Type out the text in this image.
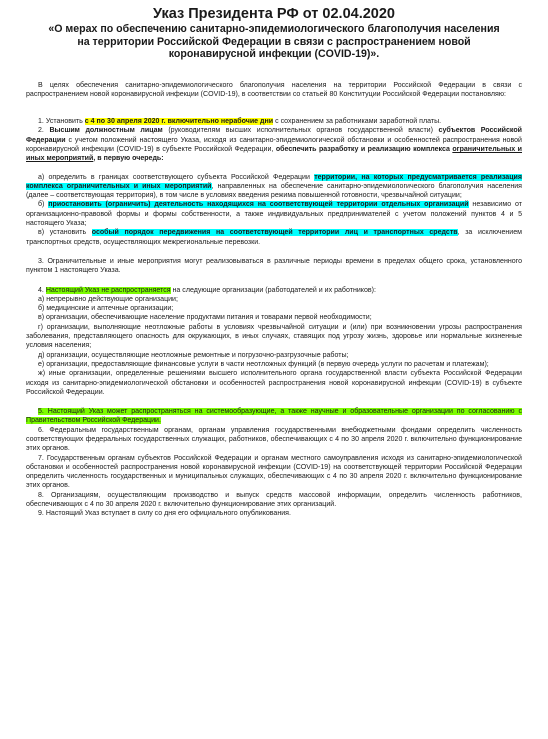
Указ Президента РФ от 02.04.2020

«О мерах по обеспечению санитарно-эпидемиологического благополучия населения на территории Российской Федерации в связи с распространением новой коронавирусной инфекции (COVID-19)».

В целях обеспечения санитарно-эпидемиологического благополучия населения на территории Российской Федерации в связи с распространением новой коронавирусной инфекции (COVID-19), в соответствии со статьей 80 Конституции Российской Федерации постановляю:

1. Установить с 4 по 30 апреля 2020 г. включительно нерабочие дни с сохранением за работниками заработной платы.

2. Высшим должностным лицам (руководителям высших исполнительных органов государственной власти) субъектов Российской Федерации с учетом положений настоящего Указа, исходя из санитарно-эпидемиологической обстановки и особенностей распространения новой коронавирусной инфекции (COVID-19) в субъекте Российской Федерации, обеспечить разработку и реализацию комплекса ограничительных и иных мероприятий, в первую очередь:

а) определить в границах соответствующего субъекта Российской Федерации территории, на которых предусматривается реализация комплекса ограничительных и иных мероприятий, направленных на обеспечение санитарно-эпидемиологического благополучия населения (далее – соответствующая территория), в том числе в условиях введения режима повышенной готовности, чрезвычайной ситуации;

б) приостановить (ограничить) деятельность находящихся на соответствующей территории отдельных организаций независимо от организационно-правовой формы и формы собственности, а также индивидуальных предпринимателей с учетом положений пунктов 4 и 5 настоящего Указа;

в) установить особый порядок передвижения на соответствующей территории лиц и транспортных средств, за исключением транспортных средств, осуществляющих межрегиональные перевозки.

3. Ограничительные и иные мероприятия могут реализовываться в различные периоды времени в пределах общего срока, установленного пунктом 1 настоящего Указа.

4. Настоящий Указ не распространяется на следующие организации (работодателей и их работников):

а) непрерывно действующие организации;

б) медицинские и аптечные организации;

в) организации, обеспечивающие население продуктами питания и товарами первой необходимости;

г) организации, выполняющие неотложные работы в условиях чрезвычайной ситуации и (или) при возникновении угрозы распространения заболевания, представляющего опасность для окружающих, в иных случаях, ставящих под угрозу жизнь, здоровье или нормальные жизненные условия населения;

д) организации, осуществляющие неотложные ремонтные и погрузочно-разгрузочные работы;

е) организации, предоставляющие финансовые услуги в части неотложных функций (в первую очередь услуги по расчетам и платежам);

ж) иные организации, определенные решениями высшего исполнительного органа государственной власти субъекта Российской Федерации исходя из санитарно-эпидемиологической обстановки и особенностей распространения новой коронавирусной инфекции (COVID-19) в субъекте Российской Федерации.

5. Настоящий Указ может распространяться на системообразующие, а также научные и образовательные организации по согласованию с Правительством Российской Федерации.

6. Федеральным государственным органам, органам управления государственными внебюджетными фондами определить численность соответствующих федеральных государственных служащих, работников, обеспечивающих с 4 по 30 апреля 2020 г. включительно функционирование этих органов.

7. Государственным органам субъектов Российской Федерации и органам местного самоуправления исходя из санитарно-эпидемиологической обстановки и особенностей распространения новой коронавирусной инфекции (COVID-19) на соответствующей территории Российской Федерации определить численность государственных и муниципальных служащих, обеспечивающих с 4 по 30 апреля 2020 г. включительно функционирование этих органов.

8. Организациям, осуществляющим производство и выпуск средств массовой информации, определить численность работников, обеспечивающих с 4 по 30 апреля 2020 г. включительно функционирование этих организаций.

9. Настоящий Указ вступает в силу со дня его официального опубликования.
